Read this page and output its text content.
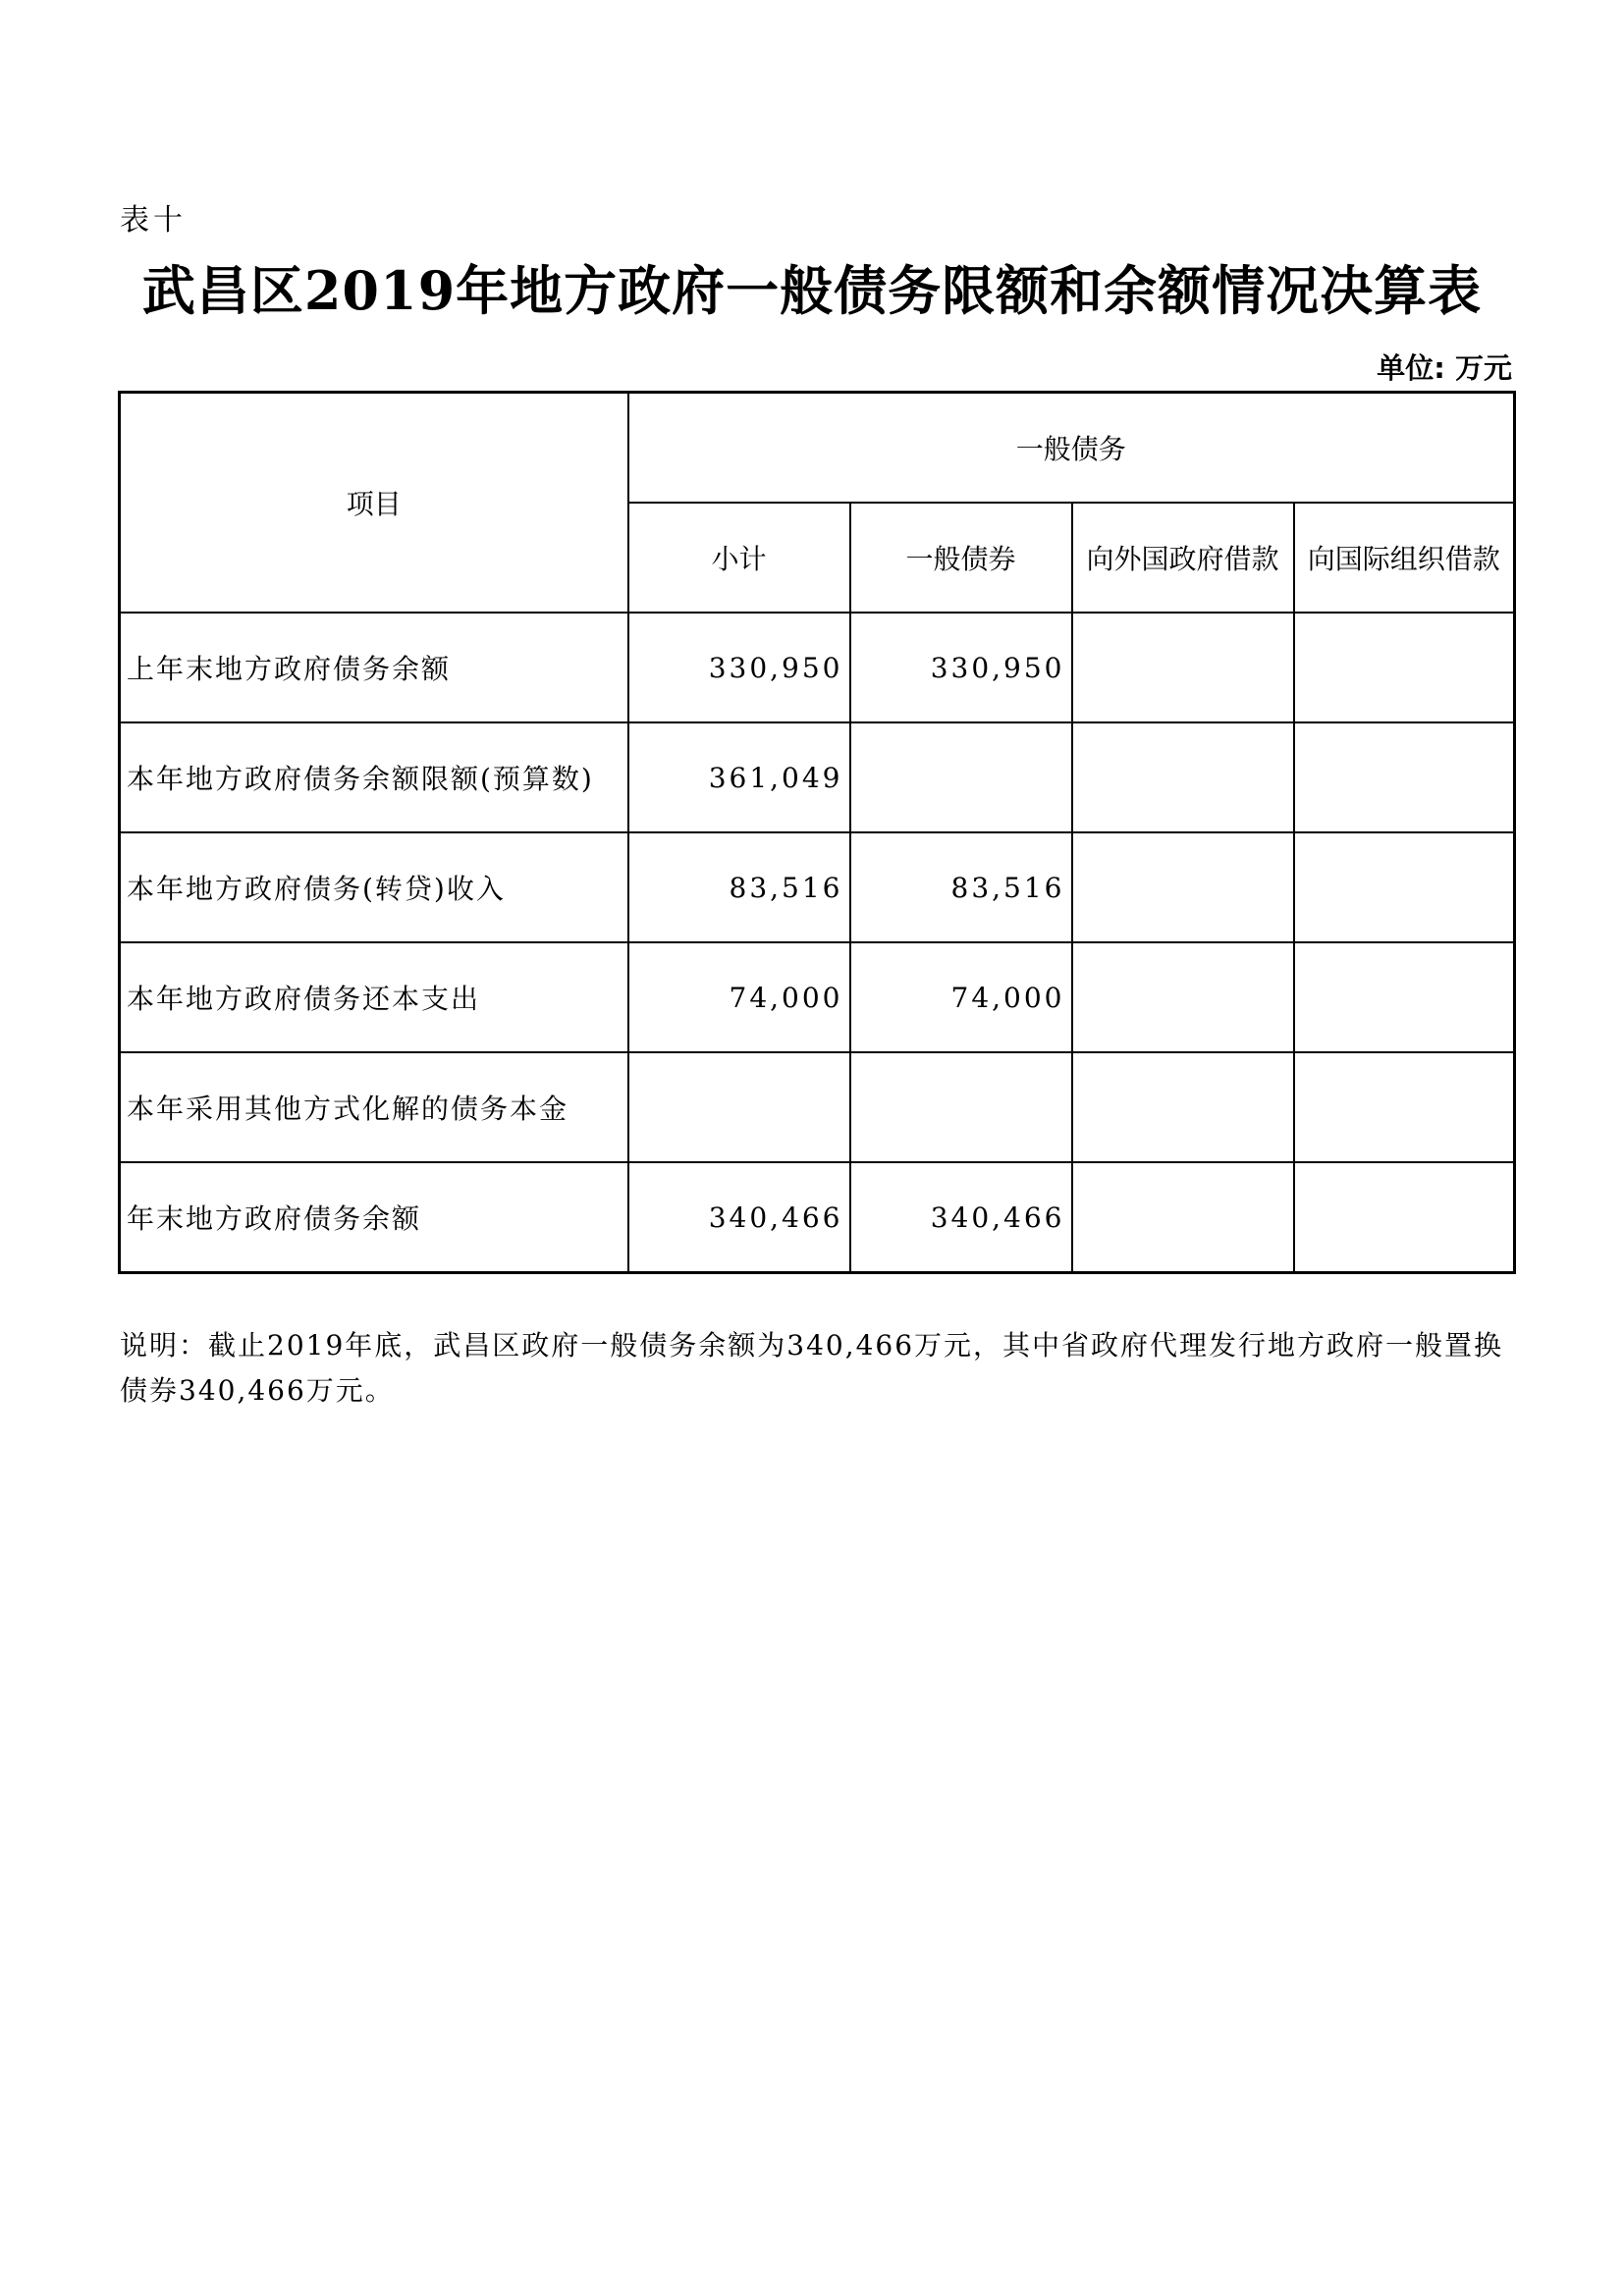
表十
武昌区2019年地方政府一般债务限额和余额情况决算表
单位: 万元
项目	一般债务			
	小计	一般债券	向外国政府借款	向国际组织借款
上年末地方政府债务余额	330,950	330,950		
本年地方政府债务余额限额(预算数)	361,049			
本年地方政府债务(转贷)收入	83,516	83,516		
本年地方政府债务还本支出	74,000	74,000		
本年采用其他方式化解的债务本金				
年末地方政府债务余额	340,466	340,466		
说明：截止2019年底，武昌区政府一般债务余额为340,466万元，其中省政府代理发行地方政府一般置换债券340,466万元。
